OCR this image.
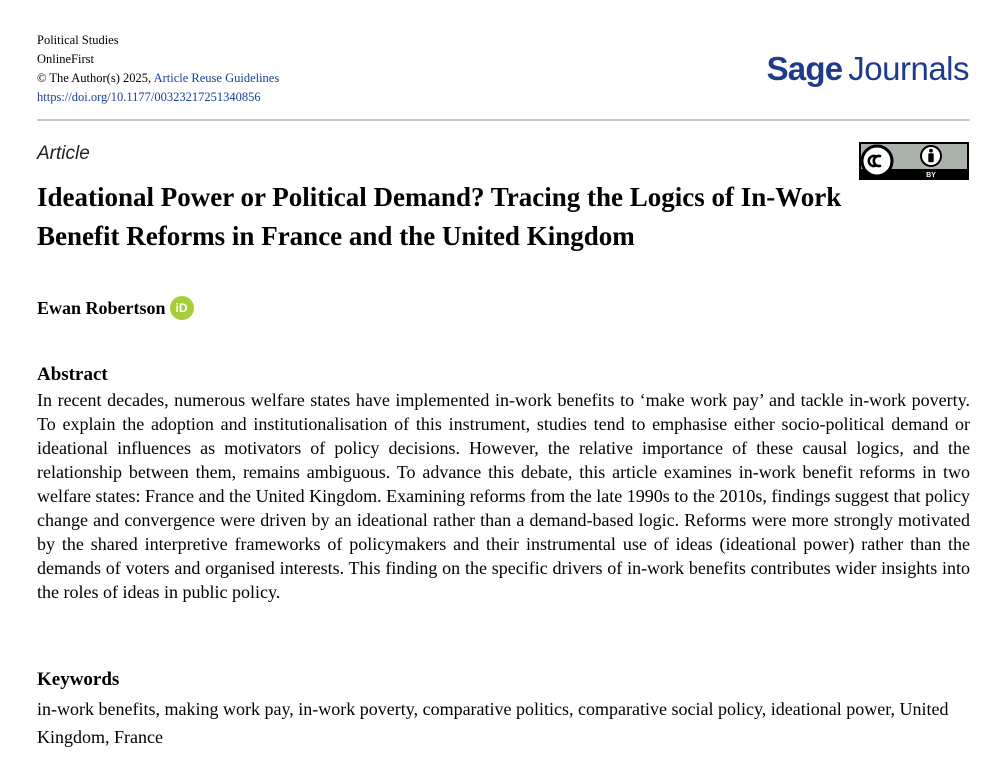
Political Studies
OnlineFirst
© The Author(s) 2025, Article Reuse Guidelines
https://doi.org/10.1177/00323217251340856
Sage Journals
Article
BY
Ideational Power or Political Demand? Tracing the Logics of In-Work Benefit Reforms in France and the United Kingdom
Ewan Robertson iD
Abstract

In recent decades, numerous welfare states have implemented in-work benefits to ‘make work pay’ and tackle in-work poverty. To explain the adoption and institutionalisation of this instrument, studies tend to emphasise either socio-political demand or ideational influences as motivators of policy decisions. However, the relative importance of these causal logics, and the relationship between them, remains ambiguous. To advance this debate, this article examines in-work benefit reforms in two welfare states: France and the United Kingdom. Examining reforms from the late 1990s to the 2010s, findings suggest that policy change and convergence were driven by an ideational rather than a demand-based logic. Reforms were more strongly motivated by the shared interpretive frameworks of policymakers and their instrumental use of ideas (ideational power) rather than the demands of voters and organised interests. This finding on the specific drivers of in-work benefits contributes wider insights into the roles of ideas in public policy.

Keywords

in-work benefits, making work pay, in-work poverty, comparative politics, comparative social policy, ideational power, United Kingdom, France
